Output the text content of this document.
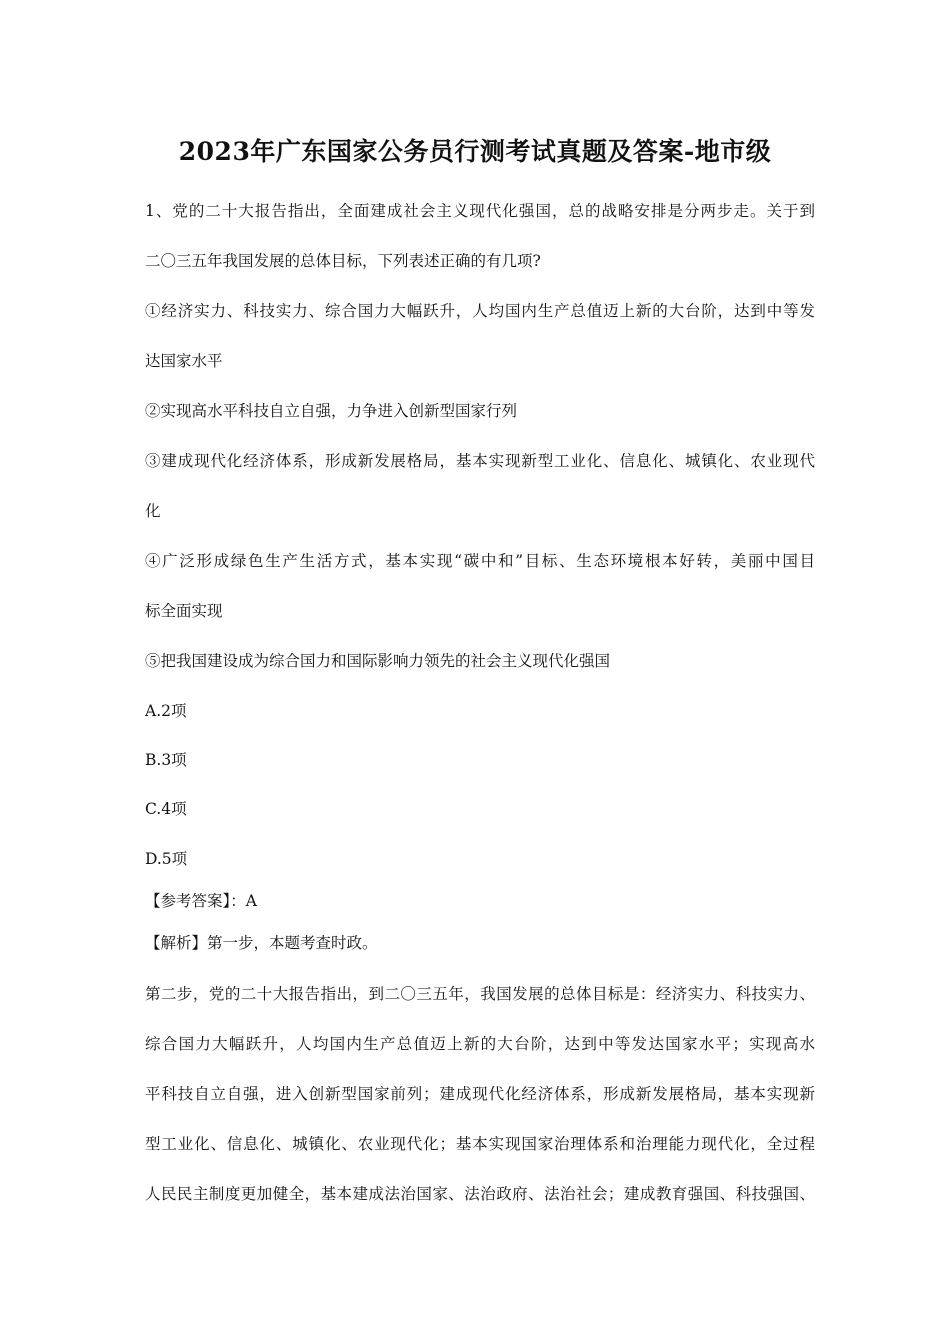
2023年广东国家公务员行测考试真题及答案-地市级
1、党的二十大报告指出，全面建成社会主义现代化强国，总的战略安排是分两步走。关于到
二〇三五年我国发展的总体目标，下列表述正确的有几项?
①经济实力、科技实力、综合国力大幅跃升，人均国内生产总值迈上新的大台阶，达到中等发
达国家水平
②实现高水平科技自立自强，力争进入创新型国家行列
③建成现代化经济体系，形成新发展格局，基本实现新型工业化、信息化、城镇化、农业现代
化
④广泛形成绿色生产生活方式，基本实现“碳中和”目标、生态环境根本好转，美丽中国目
标全面实现
⑤把我国建设成为综合国力和国际影响力领先的社会主义现代化强国
A.2项
B.3项
C.4项
D.5项
【参考答案】：A
【解析】第一步，本题考查时政。
第二步，党的二十大报告指出，到二〇三五年，我国发展的总体目标是：经济实力、科技实力、
综合国力大幅跃升，人均国内生产总值迈上新的大台阶，达到中等发达国家水平；实现高水
平科技自立自强，进入创新型国家前列；建成现代化经济体系，形成新发展格局，基本实现新
型工业化、信息化、城镇化、农业现代化；基本实现国家治理体系和治理能力现代化，全过程
人民民主制度更加健全，基本建成法治国家、法治政府、法治社会；建成教育强国、科技强国、
